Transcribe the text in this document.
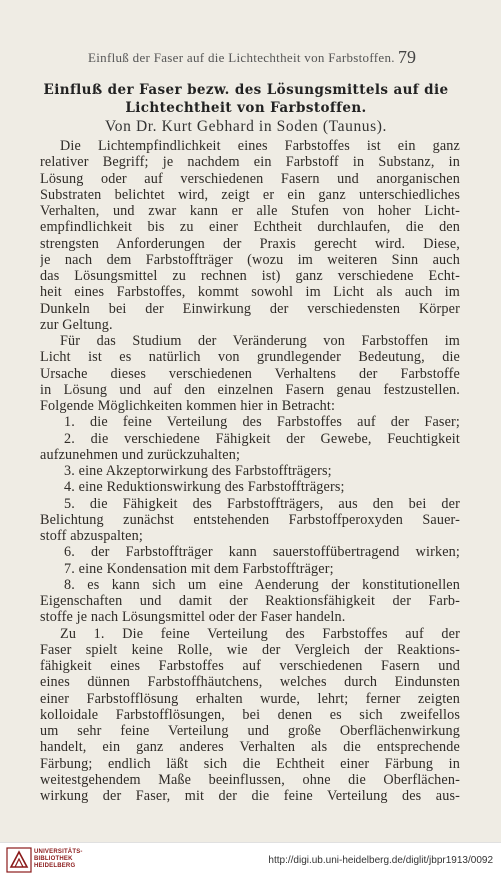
Einfluß der Faser auf die Lichtechtheit von Farbstoffen. 79
Einfluß der Faser bezw. des Lösungsmittels auf die
Lichtechtheit von Farbstoffen.
Von Dr. Kurt Gebhard in Soden (Taunus).
Die Lichtempfindlichkeit eines Farbstoffes ist ein ganz
relativer Begriff; je nachdem ein Farbstoff in Substanz, in
Lösung oder auf verschiedenen Fasern und anorganischen
Substraten belichtet wird, zeigt er ein ganz unterschiedliches
Verhalten, und zwar kann er alle Stufen von hoher Licht-
empfindlichkeit bis zu einer Echtheit durchlaufen, die den
strengsten Anforderungen der Praxis gerecht wird. Diese,
je nach dem Farbstoffträger (wozu im weiteren Sinn auch
das Lösungsmittel zu rechnen ist) ganz verschiedene Echt-
heit eines Farbstoffes, kommt sowohl im Licht als auch im
Dunkeln bei der Einwirkung der verschiedensten Körper
zur Geltung.
Für das Studium der Veränderung von Farbstoffen im
Licht ist es natürlich von grundlegender Bedeutung, die
Ursache dieses verschiedenen Verhaltens der Farbstoffe
in Lösung und auf den einzelnen Fasern genau festzustellen.
Folgende Möglichkeiten kommen hier in Betracht:
1. die feine Verteilung des Farbstoffes auf der Faser;
2. die verschiedene Fähigkeit der Gewebe, Feuchtigkeit
aufzunehmen und zurückzuhalten;
3. eine Akzeptorwirkung des Farbstoffträgers;
4. eine Reduktionswirkung des Farbstoffträgers;
5. die Fähigkeit des Farbstoffträgers, aus den bei der
Belichtung zunächst entstehenden Farbstoffperoxyden Sauer-
stoff abzuspalten;
6. der Farbstoffträger kann sauerstoffübertragend wirken;
7. eine Kondensation mit dem Farbstoffträger;
8. es kann sich um eine Aenderung der konstitutionellen
Eigenschaften und damit der Reaktionsfähigkeit der Farb-
stoffe je nach Lösungsmittel oder der Faser handeln.
Zu 1. Die feine Verteilung des Farbstoffes auf der
Faser spielt keine Rolle, wie der Vergleich der Reaktions-
fähigkeit eines Farbstoffes auf verschiedenen Fasern und
eines dünnen Farbstoffhäutchens, welches durch Eindunsten
einer Farbstofflösung erhalten wurde, lehrt; ferner zeigten
kolloidale Farbstofflösungen, bei denen es sich zweifellos
um sehr feine Verteilung und große Oberflächenwirkung
handelt, ein ganz anderes Verhalten als die entsprechende
Färbung; endlich läßt sich die Echtheit einer Färbung in
weitestgehendem Maße beeinflussen, ohne die Oberflächen-
wirkung der Faser, mit der die feine Verteilung des aus-
UNIVERSITÄTS-
BIBLIOTHEK
HEIDELBERG	http://digi.ub.uni-heidelberg.de/diglit/jbpr1913/0092
